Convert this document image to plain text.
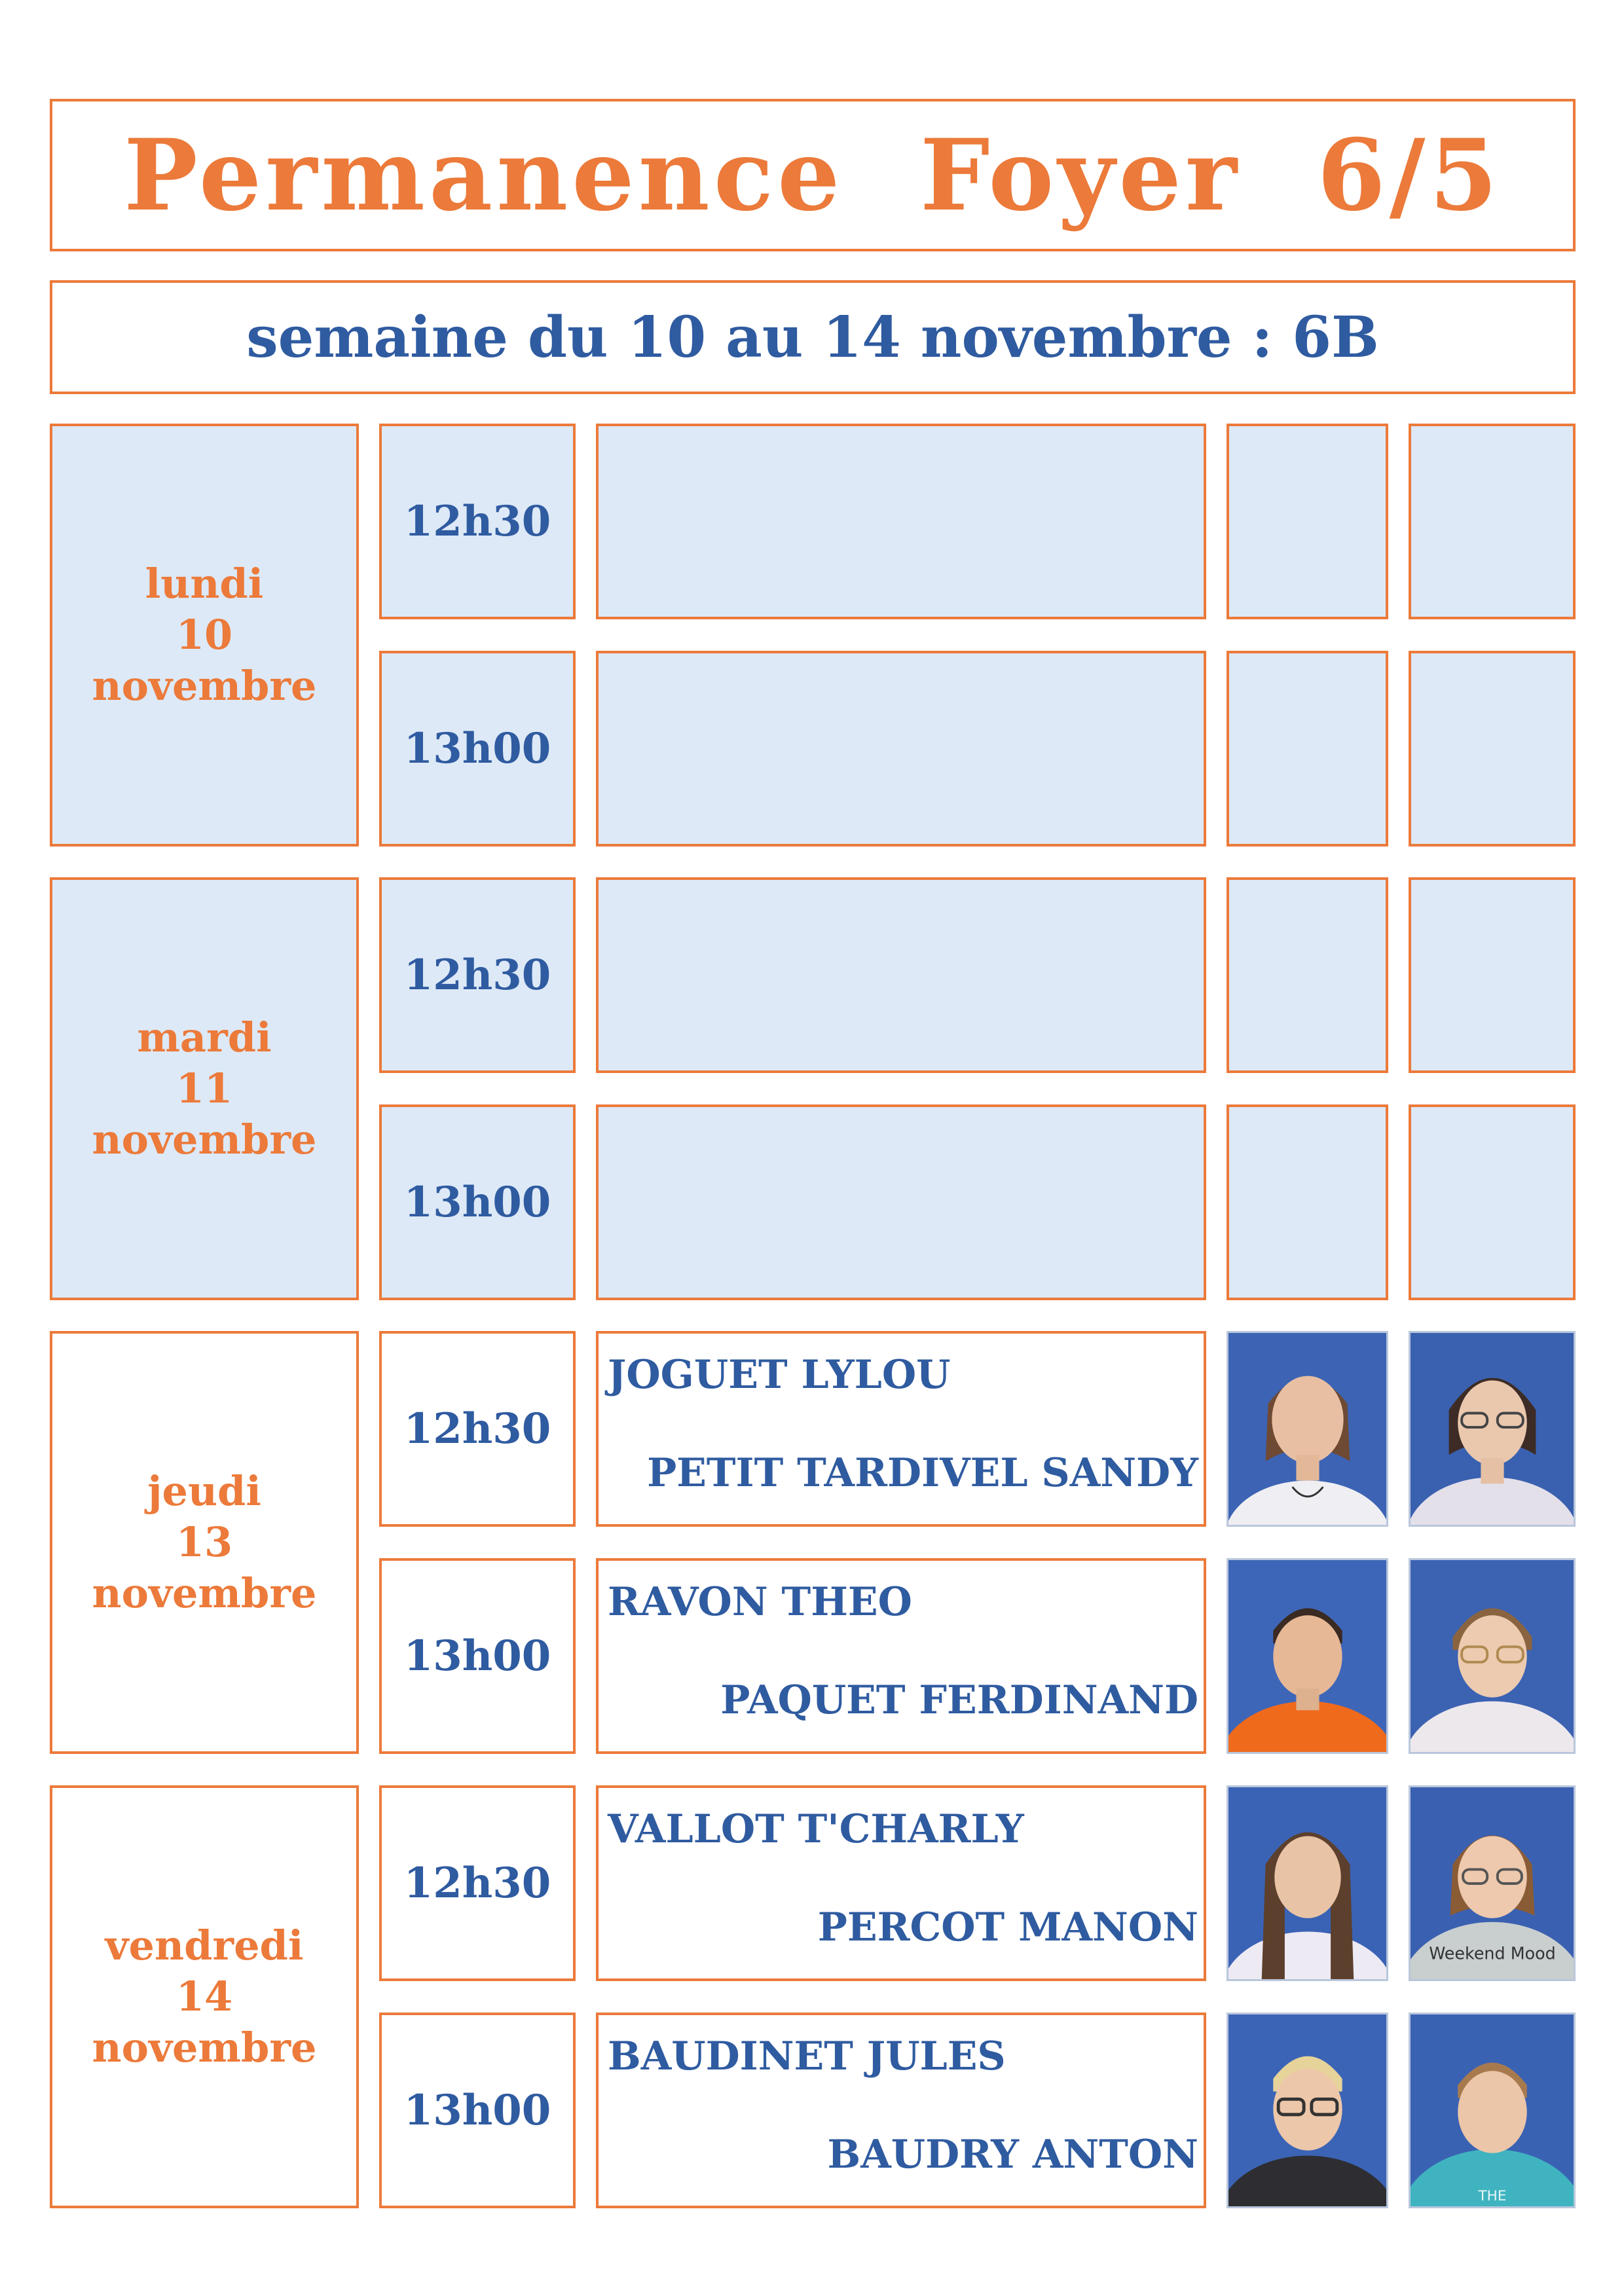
Permanence  Foyer  6/5
semaine du 10 au 14 novembre : 6B
lundi
10
novembre
12h30
13h00
mardi
11
novembre
12h30
13h00
jeudi
13
novembre
12h30
JOGUET LYLOU
PETIT TARDIVEL SANDY
13h00
RAVON THEO
PAQUET FERDINAND
vendredi
14
novembre
12h30
VALLOT T'CHARLY
PERCOT MANON
Weekend Mood
13h00
BAUDINET JULES
BAUDRY ANTON
THE
